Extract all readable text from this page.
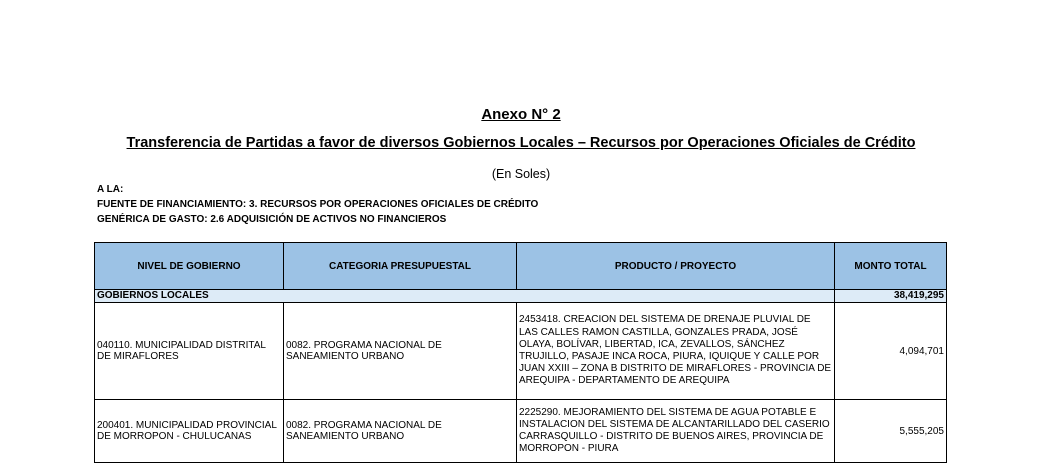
Anexo N° 2
Transferencia de Partidas a favor de diversos Gobiernos Locales – Recursos por Operaciones Oficiales de Crédito
(En Soles)
A LA:
FUENTE DE FINANCIAMIENTO: 3. RECURSOS POR OPERACIONES OFICIALES DE CRÉDITO
GENÉRICA DE GASTO: 2.6 ADQUISICIÓN DE ACTIVOS NO FINANCIEROS
NIVEL DE GOBIERNO	CATEGORIA PRESUPUESTAL	PRODUCTO / PROYECTO	MONTO TOTAL
GOBIERNOS LOCALES			38,419,295
040110. MUNICIPALIDAD DISTRITAL DE MIRAFLORES	0082. PROGRAMA NACIONAL DE SANEAMIENTO URBANO	2453418. CREACION DEL SISTEMA DE DRENAJE PLUVIAL DE LAS CALLES RAMON CASTILLA, GONZALES PRADA, JOSÉ OLAYA, BOLÍVAR, LIBERTAD, ICA, ZEVALLOS, SÁNCHEZ TRUJILLO, PASAJE INCA ROCA, PIURA, IQUIQUE Y CALLE POR JUAN XXIII – ZONA B DISTRITO DE MIRAFLORES - PROVINCIA DE AREQUIPA - DEPARTAMENTO DE AREQUIPA	4,094,701
200401. MUNICIPALIDAD PROVINCIAL DE MORROPON - CHULUCANAS	0082. PROGRAMA NACIONAL DE SANEAMIENTO URBANO	2225290. MEJORAMIENTO DEL SISTEMA DE AGUA POTABLE E INSTALACION DEL SISTEMA DE ALCANTARILLADO DEL CASERIO CARRASQUILLO - DISTRITO DE BUENOS AIRES, PROVINCIA DE MORROPON - PIURA	5,555,205
